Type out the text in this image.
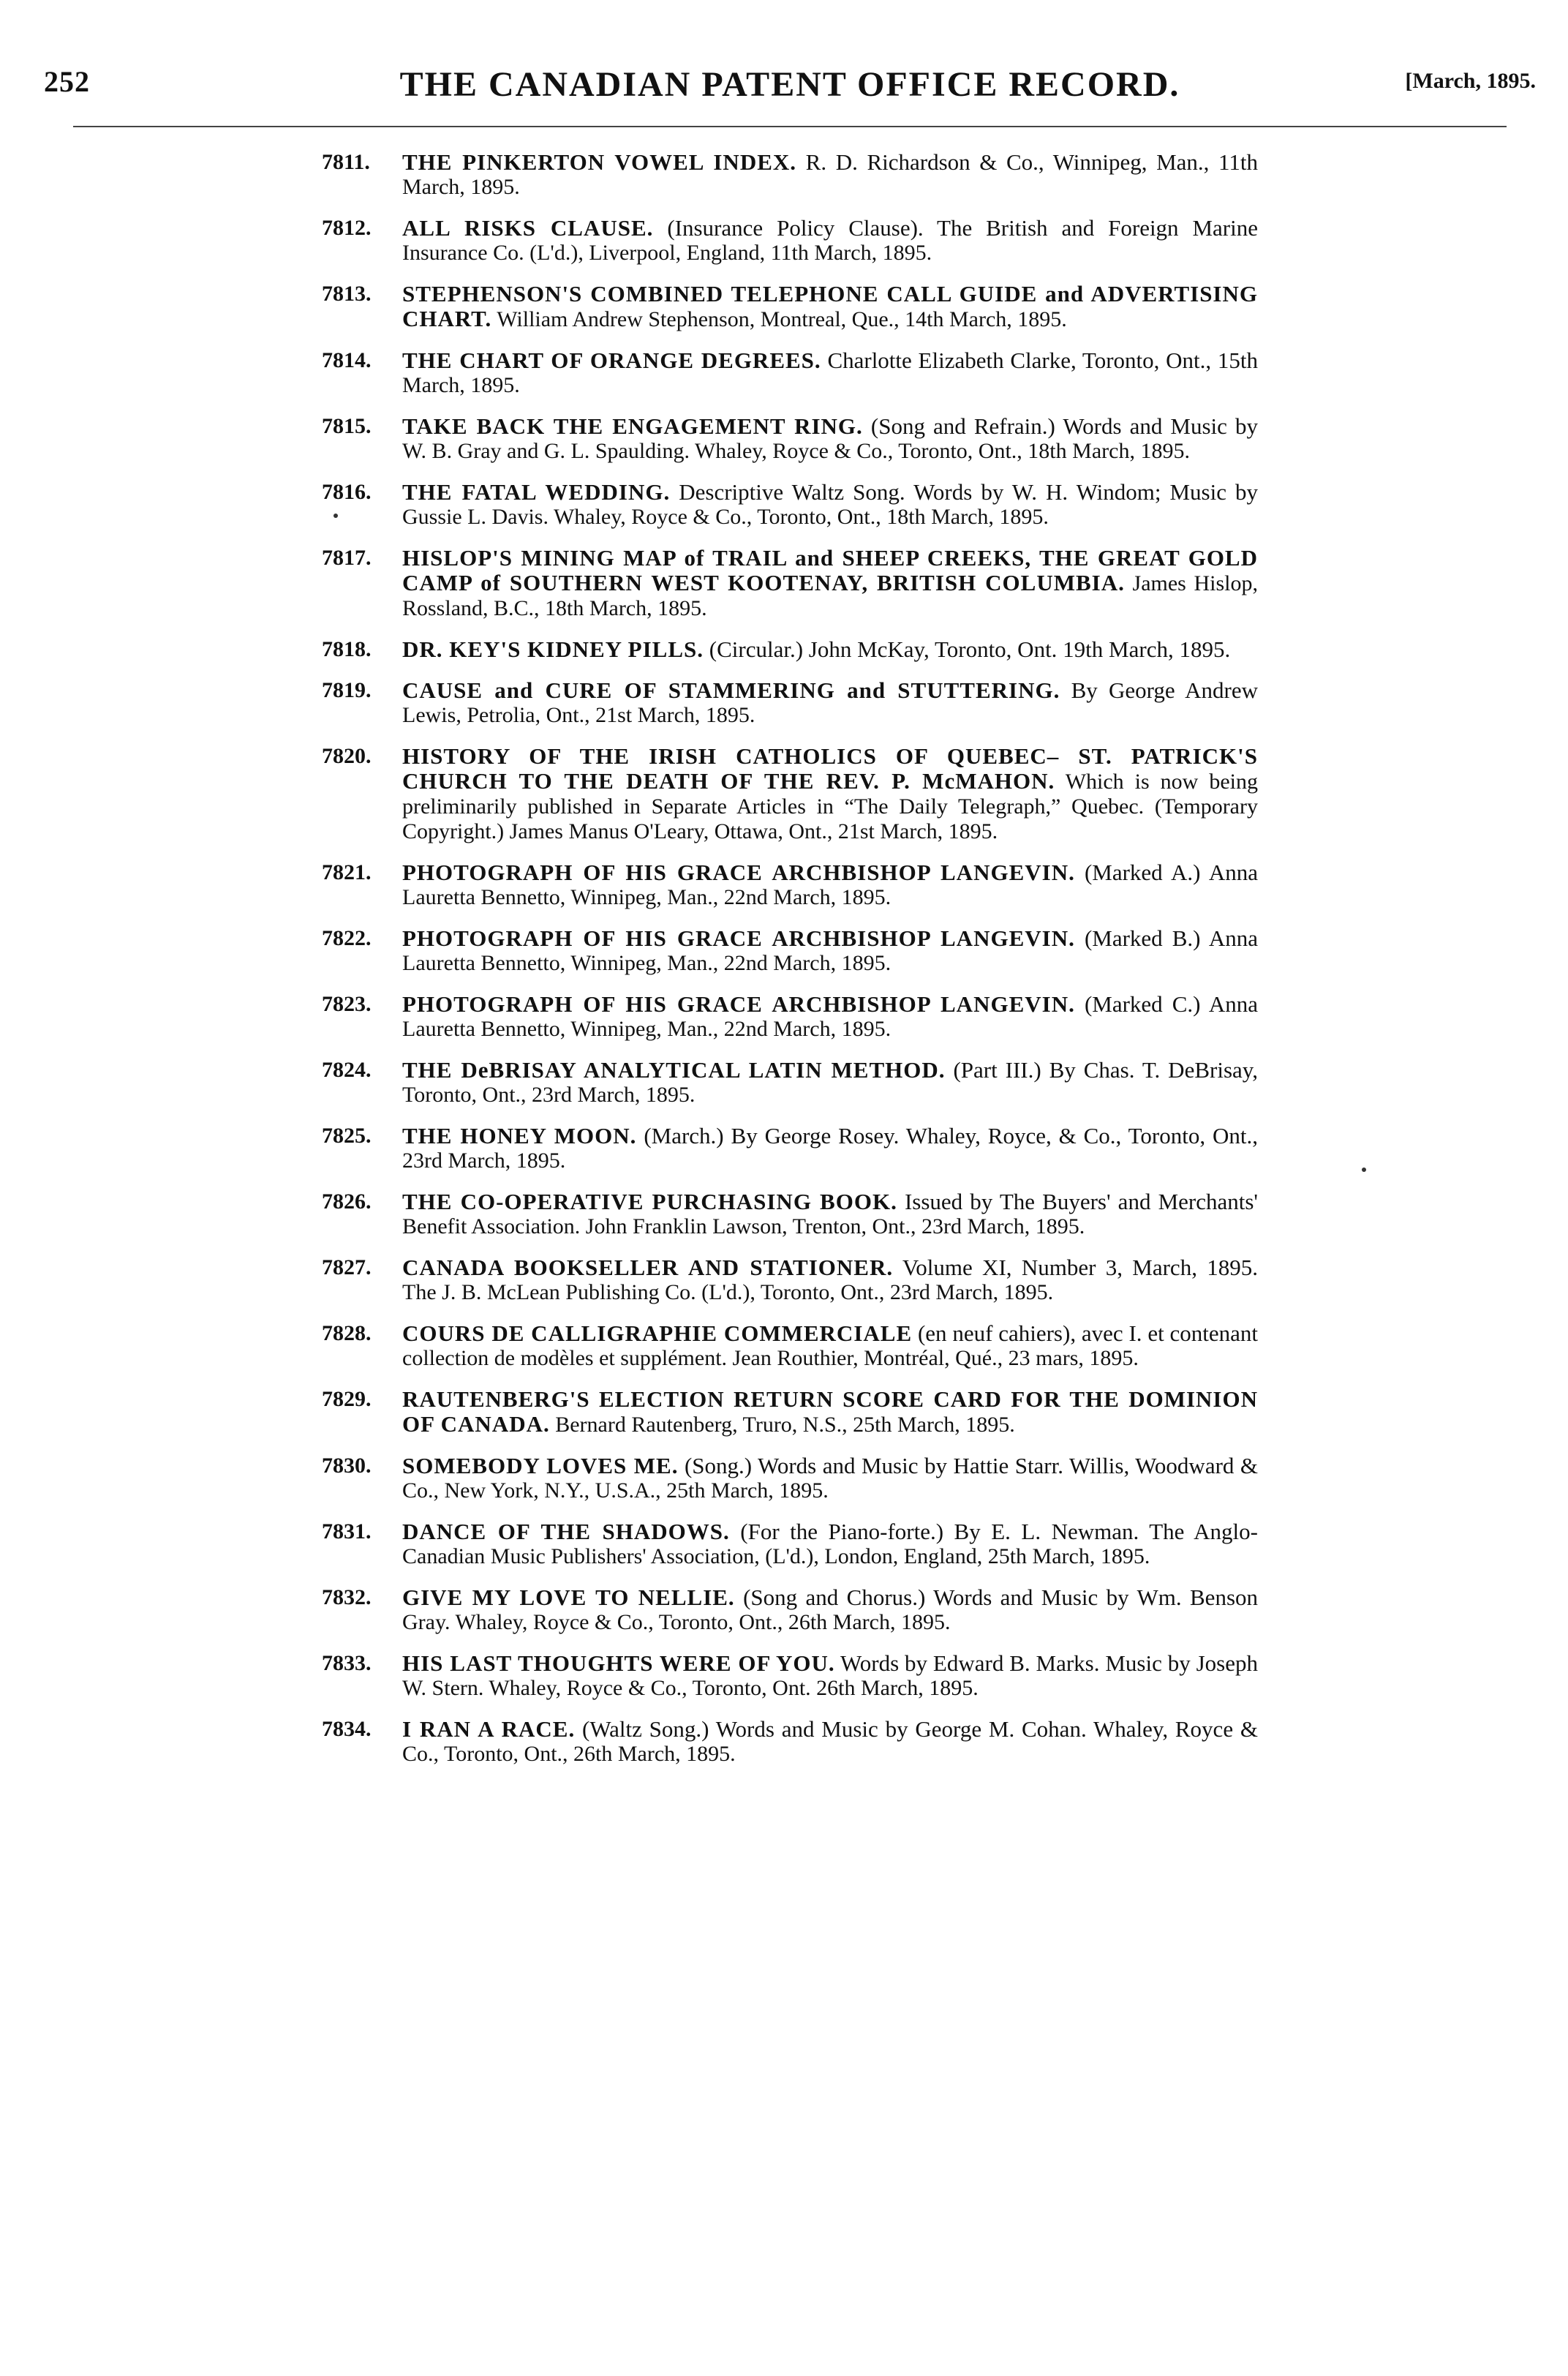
252	THE CANADIAN PATENT OFFICE RECORD.	[March, 1895.
7811.	THE PINKERTON VOWEL INDEX. R. D. Richardson & Co., Winnipeg, Man., 11th March, 1895.
7812.	ALL RISKS CLAUSE. (Insurance Policy Clause). The British and Foreign Marine Insurance Co. (L'd.), Liverpool, England, 11th March, 1895.
7813.	STEPHENSON'S COMBINED TELEPHONE CALL GUIDE and ADVERTISING CHART. William Andrew Stephenson, Montreal, Que., 14th March, 1895.
7814.	THE CHART OF ORANGE DEGREES. Charlotte Elizabeth Clarke, Toronto, Ont., 15th March, 1895.
7815.	TAKE BACK THE ENGAGEMENT RING. (Song and Refrain.) Words and Music by W. B. Gray and G. L. Spaulding. Whaley, Royce & Co., Toronto, Ont., 18th March, 1895.
7816.	THE FATAL WEDDING. Descriptive Waltz Song. Words by W. H. Windom; Music by Gussie L. Davis. Whaley, Royce & Co., Toronto, Ont., 18th March, 1895.
7817.	HISLOP'S MINING MAP of TRAIL and SHEEP CREEKS, THE GREAT GOLD CAMP of SOUTHERN WEST KOOTENAY, BRITISH COLUMBIA. James Hislop, Rossland, B.C., 18th March, 1895.
7818.	DR. KEY'S KIDNEY PILLS. (Circular.) John McKay, Toronto, Ont. 19th March, 1895.
7819.	CAUSE and CURE OF STAMMERING and STUTTERING. By George Andrew Lewis, Petrolia, Ont., 21st March, 1895.
7820.	HISTORY OF THE IRISH CATHOLICS OF QUEBEC– ST. PATRICK'S CHURCH TO THE DEATH OF THE REV. P. McMAHON. Which is now being preliminarily published in Separate Articles in “The Daily Telegraph,” Quebec. (Temporary Copyright.) James Manus O'Leary, Ottawa, Ont., 21st March, 1895.
7821.	PHOTOGRAPH OF HIS GRACE ARCHBISHOP LANGEVIN. (Marked A.) Anna Lauretta Bennetto, Winnipeg, Man., 22nd March, 1895.
7822.	PHOTOGRAPH OF HIS GRACE ARCHBISHOP LANGEVIN. (Marked B.) Anna Lauretta Bennetto, Winnipeg, Man., 22nd March, 1895.
7823.	PHOTOGRAPH OF HIS GRACE ARCHBISHOP LANGEVIN. (Marked C.) Anna Lauretta Bennetto, Winnipeg, Man., 22nd March, 1895.
7824.	THE DeBRISAY ANALYTICAL LATIN METHOD. (Part III.) By Chas. T. DeBrisay, Toronto, Ont., 23rd March, 1895.
7825.	THE HONEY MOON. (March.) By George Rosey. Whaley, Royce, & Co., Toronto, Ont., 23rd March, 1895.
7826.	THE CO-OPERATIVE PURCHASING BOOK. Issued by The Buyers' and Merchants' Benefit Association. John Franklin Lawson, Trenton, Ont., 23rd March, 1895.
7827.	CANADA BOOKSELLER AND STATIONER. Volume XI, Number 3, March, 1895. The J. B. McLean Publishing Co. (L'd.), Toronto, Ont., 23rd March, 1895.
7828.	COURS DE CALLIGRAPHIE COMMERCIALE (en neuf cahiers), avec I. et contenant collection de modèles et supplément. Jean Routhier, Montréal, Qué., 23 mars, 1895.
7829.	RAUTENBERG'S ELECTION RETURN SCORE CARD FOR THE DOMINION OF CANADA. Bernard Rautenberg, Truro, N.S., 25th March, 1895.
7830.	SOMEBODY LOVES ME. (Song.) Words and Music by Hattie Starr. Willis, Woodward & Co., New York, N.Y., U.S.A., 25th March, 1895.
7831.	DANCE OF THE SHADOWS. (For the Piano-forte.) By E. L. Newman. The Anglo-Canadian Music Publishers' Association, (L'd.), London, England, 25th March, 1895.
7832.	GIVE MY LOVE TO NELLIE. (Song and Chorus.) Words and Music by Wm. Benson Gray. Whaley, Royce & Co., Toronto, Ont., 26th March, 1895.
7833.	HIS LAST THOUGHTS WERE OF YOU. Words by Edward B. Marks. Music by Joseph W. Stern. Whaley, Royce & Co., Toronto, Ont. 26th March, 1895.
7834.	I RAN A RACE. (Waltz Song.) Words and Music by George M. Cohan. Whaley, Royce & Co., Toronto, Ont., 26th March, 1895.
